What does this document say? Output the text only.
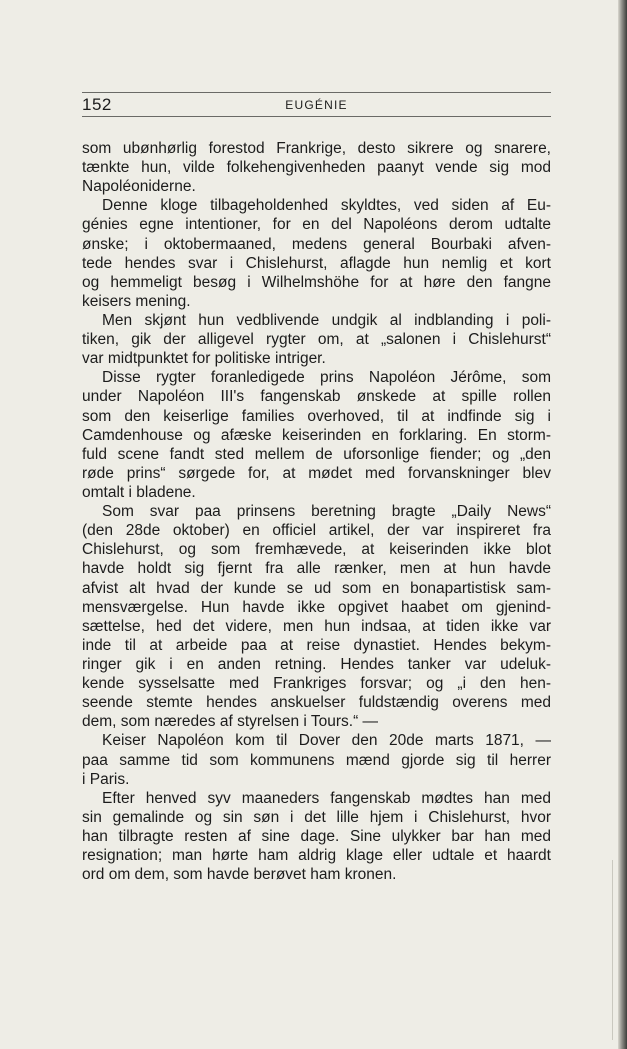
152	EUGÉNIE
som ubønhørlig forestod Frankrige, desto sikrere og snarere,
tænkte hun, vilde folkehengivenheden paanyt vende sig mod
Napoléoniderne.
Denne kloge tilbageholdenhed skyldtes, ved siden af Eu-
génies egne intentioner, for en del Napoléons derom udtalte
ønske; i oktobermaaned, medens general Bourbaki afven-
tede hendes svar i Chislehurst, aflagde hun nemlig et kort
og hemmeligt besøg i Wilhelmshöhe for at høre den fangne
keisers mening.
Men skjønt hun vedblivende undgik al indblanding i poli-
tiken, gik der alligevel rygter om, at „salonen i Chislehurst“
var midtpunktet for politiske intriger.
Disse rygter foranledigede prins Napoléon Jérôme, som
under Napoléon III's fangenskab ønskede at spille rollen
som den keiserlige families overhoved, til at indfinde sig i
Camdenhouse og afæske keiserinden en forklaring. En storm-
fuld scene fandt sted mellem de uforsonlige fiender; og „den
røde prins“ sørgede for, at mødet med forvanskninger blev
omtalt i bladene.
Som svar paa prinsens beretning bragte „Daily News“
(den 28de oktober) en officiel artikel, der var inspireret fra
Chislehurst, og som fremhævede, at keiserinden ikke blot
havde holdt sig fjernt fra alle rænker, men at hun havde
afvist alt hvad der kunde se ud som en bonapartistisk sam-
mensværgelse. Hun havde ikke opgivet haabet om gjenind-
sættelse, hed det videre, men hun indsaa, at tiden ikke var
inde til at arbeide paa at reise dynastiet. Hendes bekym-
ringer gik i en anden retning. Hendes tanker var udeluk-
kende sysselsatte med Frankriges forsvar; og „i den hen-
seende stemte hendes anskuelser fuldstændig overens med
dem, som næredes af styrelsen i Tours.“ —
Keiser Napoléon kom til Dover den 20de marts 1871, —
paa samme tid som kommunens mænd gjorde sig til herrer
i Paris.
Efter henved syv maaneders fangenskab mødtes han med
sin gemalinde og sin søn i det lille hjem i Chislehurst, hvor
han tilbragte resten af sine dage. Sine ulykker bar han med
resignation; man hørte ham aldrig klage eller udtale et haardt
ord om dem, som havde berøvet ham kronen.
